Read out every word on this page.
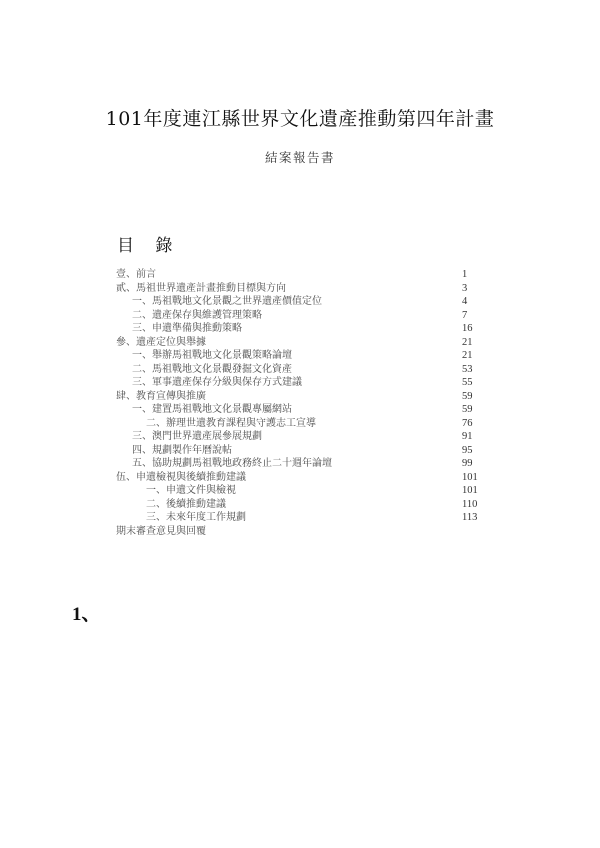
101年度連江縣世界文化遺產推動第四年計畫
結案報告書
目 錄
壹、前言	1
貳、馬祖世界遺產計畫推動目標與方向	3
一、馬祖戰地文化景觀之世界遺產價值定位	4
二、遺產保存與維護管理策略	7
三、申遺準備與推動策略	16
參、遺產定位與舉據	21
一、舉辦馬祖戰地文化景觀策略論壇	21
二、馬祖戰地文化景觀發掘文化資產	53
三、軍事遺產保存分級與保存方式建議	55
肆、教育宣傳與推廣	59
一、建置馬祖戰地文化景觀專屬網站	59
二、辦理世遺教育課程與守護志工宣導	76
三、澳門世界遺產展參展規劃	91
四、規劃製作年曆說帖	95
五、協助規劃馬祖戰地政務終止二十週年論壇	99
伍、申遺檢視與後續推動建議	101
一、申遺文件與檢視	101
二、後續推動建議	110
三、未來年度工作規劃	113
期末審查意見與回覆
1、
